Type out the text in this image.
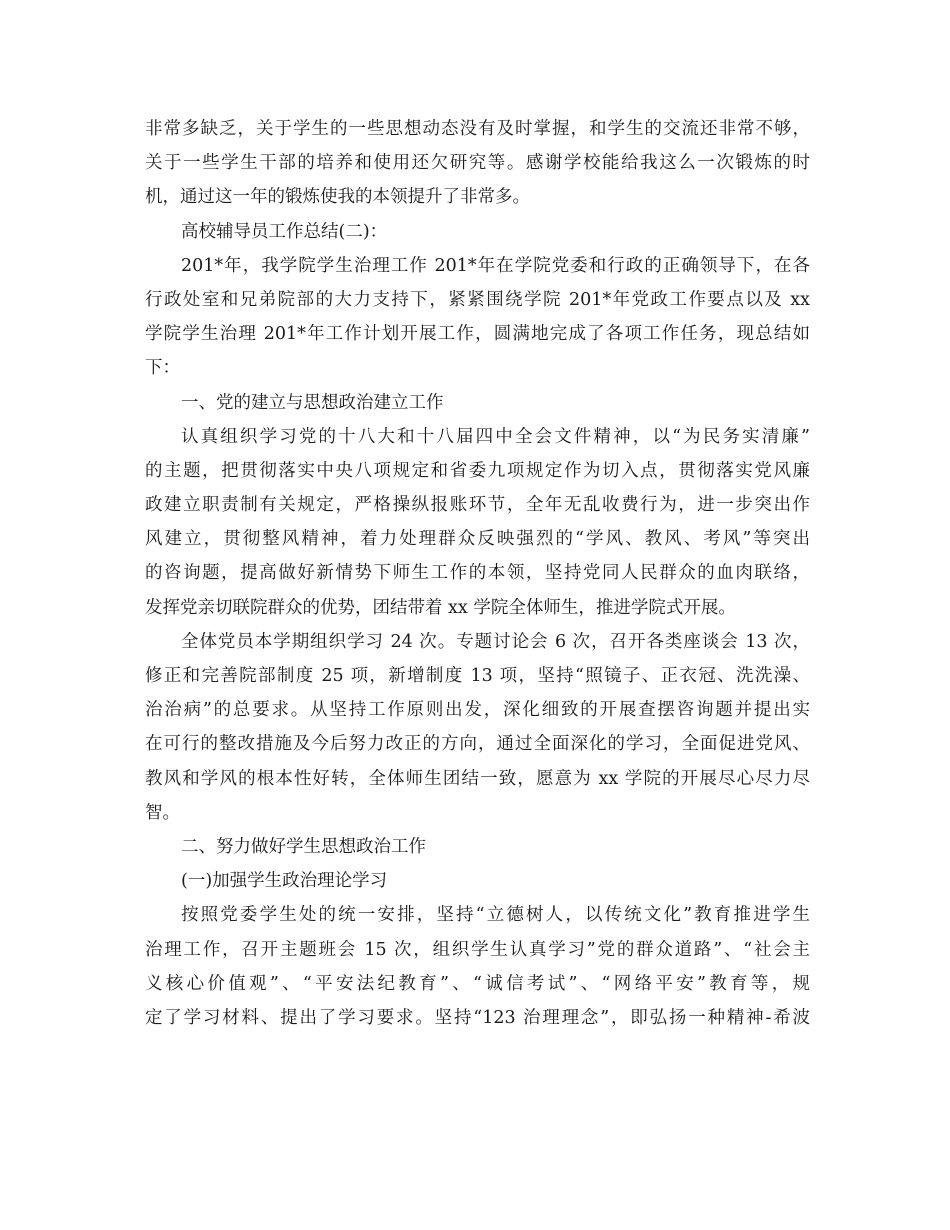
非常多缺乏，关于学生的一些思想动态没有及时掌握，和学生的交流还非常不够，
关于一些学生干部的培养和使用还欠研究等。感谢学校能给我这么一次锻炼的时
机，通过这一年的锻炼使我的本领提升了非常多。
高校辅导员工作总结(二)：
201*年，我学院学生治理工作 201*年在学院党委和行政的正确领导下，在各
行政处室和兄弟院部的大力支持下，紧紧围绕学院 201*年党政工作要点以及 xx
学院学生治理 201*年工作计划开展工作，圆满地完成了各项工作任务，现总结如
下：
一、党的建立与思想政治建立工作
认真组织学习党的十八大和十八届四中全会文件精神，以“为民务实清廉”
的主题，把贯彻落实中央八项规定和省委九项规定作为切入点，贯彻落实党风廉
政建立职责制有关规定，严格操纵报账环节，全年无乱收费行为，进一步突出作
风建立，贯彻整风精神，着力处理群众反映强烈的“学风、教风、考风”等突出
的咨询题，提高做好新情势下师生工作的本领，坚持党同人民群众的血肉联络，
发挥党亲切联院群众的优势，团结带着 xx 学院全体师生，推进学院式开展。
全体党员本学期组织学习 24 次。专题讨论会 6 次，召开各类座谈会 13 次，
修正和完善院部制度 25 项，新增制度 13 项，坚持“照镜子、正衣冠、洗洗澡、
治治病”的总要求。从坚持工作原则出发，深化细致的开展查摆咨询题并提出实
在可行的整改措施及今后努力改正的方向，通过全面深化的学习，全面促进党风、
教风和学风的根本性好转，全体师生团结一致，愿意为 xx 学院的开展尽心尽力尽
智。
二、努力做好学生思想政治工作
(一)加强学生政治理论学习
按照党委学生处的统一安排，坚持“立德树人，以传统文化”教育推进学生
治理工作，召开主题班会 15 次，组织学生认真学习”党的群众道路”、“社会主
义核心价值观”、“平安法纪教育”、“诚信考试”、“网络平安”教育等，规
定了学习材料、提出了学习要求。坚持“123 治理理念”，即弘扬一种精神-希波
